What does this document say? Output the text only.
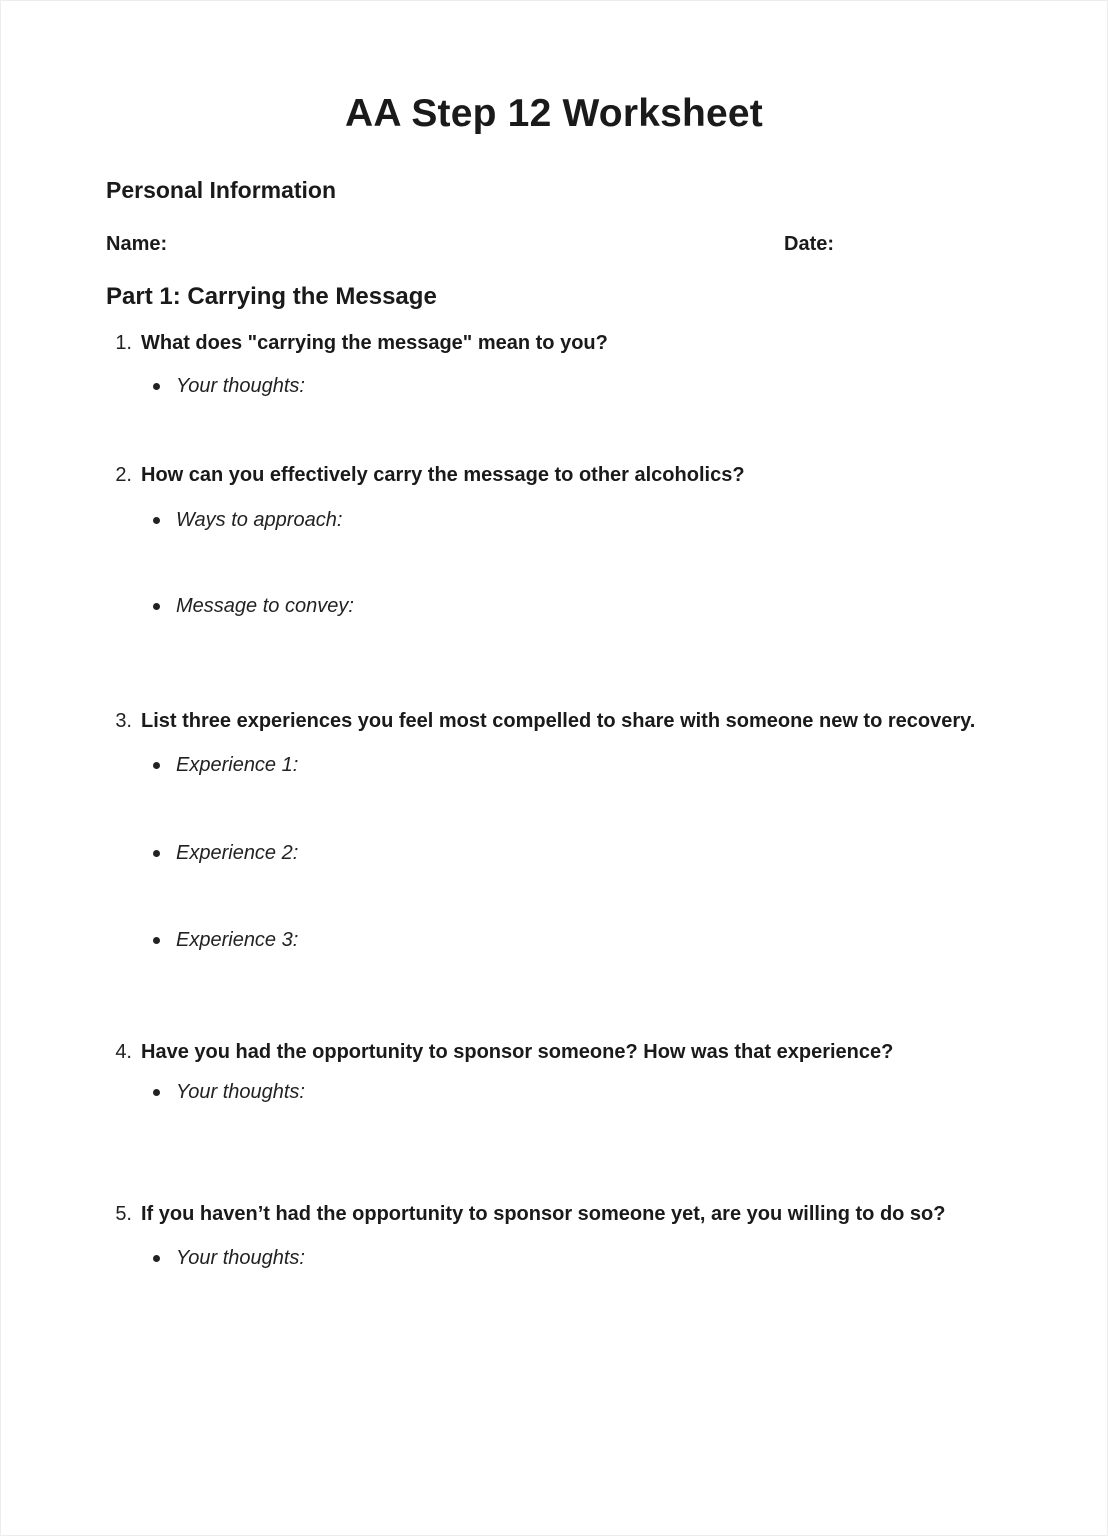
AA Step 12 Worksheet
Personal Information
Name:	Date:
Part 1: Carrying the Message
1. What does "carrying the message" mean to you?
Your thoughts:
2. How can you effectively carry the message to other alcoholics?
Ways to approach:
Message to convey:
3. List three experiences you feel most compelled to share with someone new to recovery.
Experience 1:
Experience 2:
Experience 3:
4. Have you had the opportunity to sponsor someone? How was that experience?
Your thoughts:
5. If you haven’t had the opportunity to sponsor someone yet, are you willing to do so?
Your thoughts:
